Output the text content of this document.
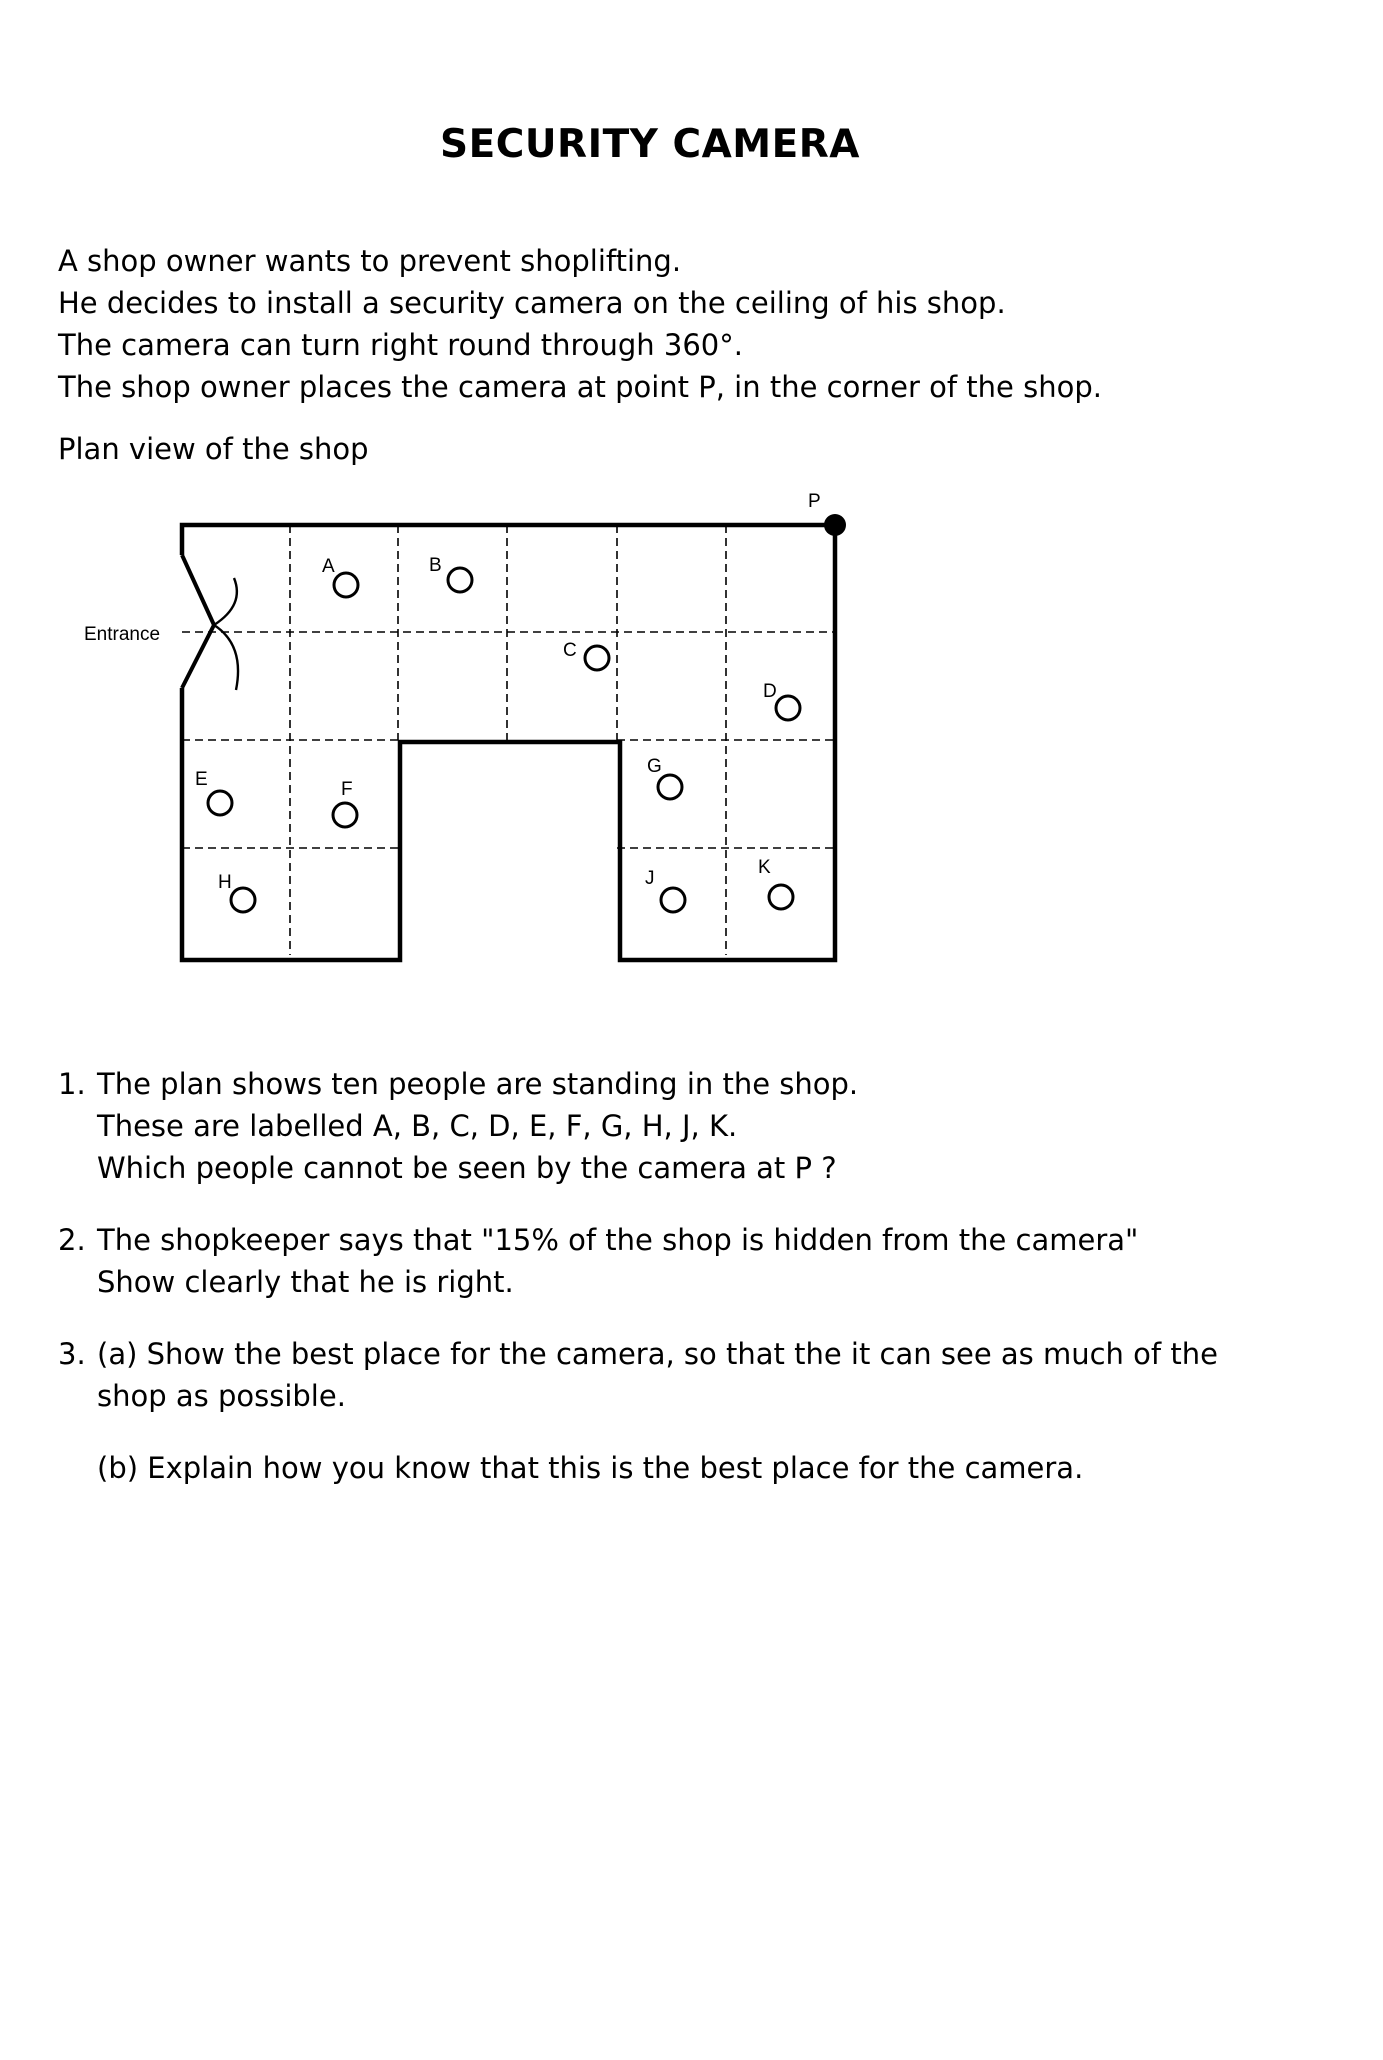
SECURITY CAMERA
A shop owner wants to prevent shoplifting.
He decides to install a security camera on the ceiling of his shop.
The camera can turn right round through 360°.
The shop owner places the camera at point P, in the corner of the shop.
Plan view of the shop
Entrance
P
A	B
C
D
E	F
G
H	J
K
1. The plan shows ten people are standing in the shop.
These are labelled A, B, C, D, E, F, G, H, J, K.
Which people cannot be seen by the camera at P ?
2. The shopkeeper says that "15% of the shop is hidden from the camera"
Show clearly that he is right.
3. (a) Show the best place for the camera, so that the it can see as much of the
shop as possible.
(b) Explain how you know that this is the best place for the camera.
